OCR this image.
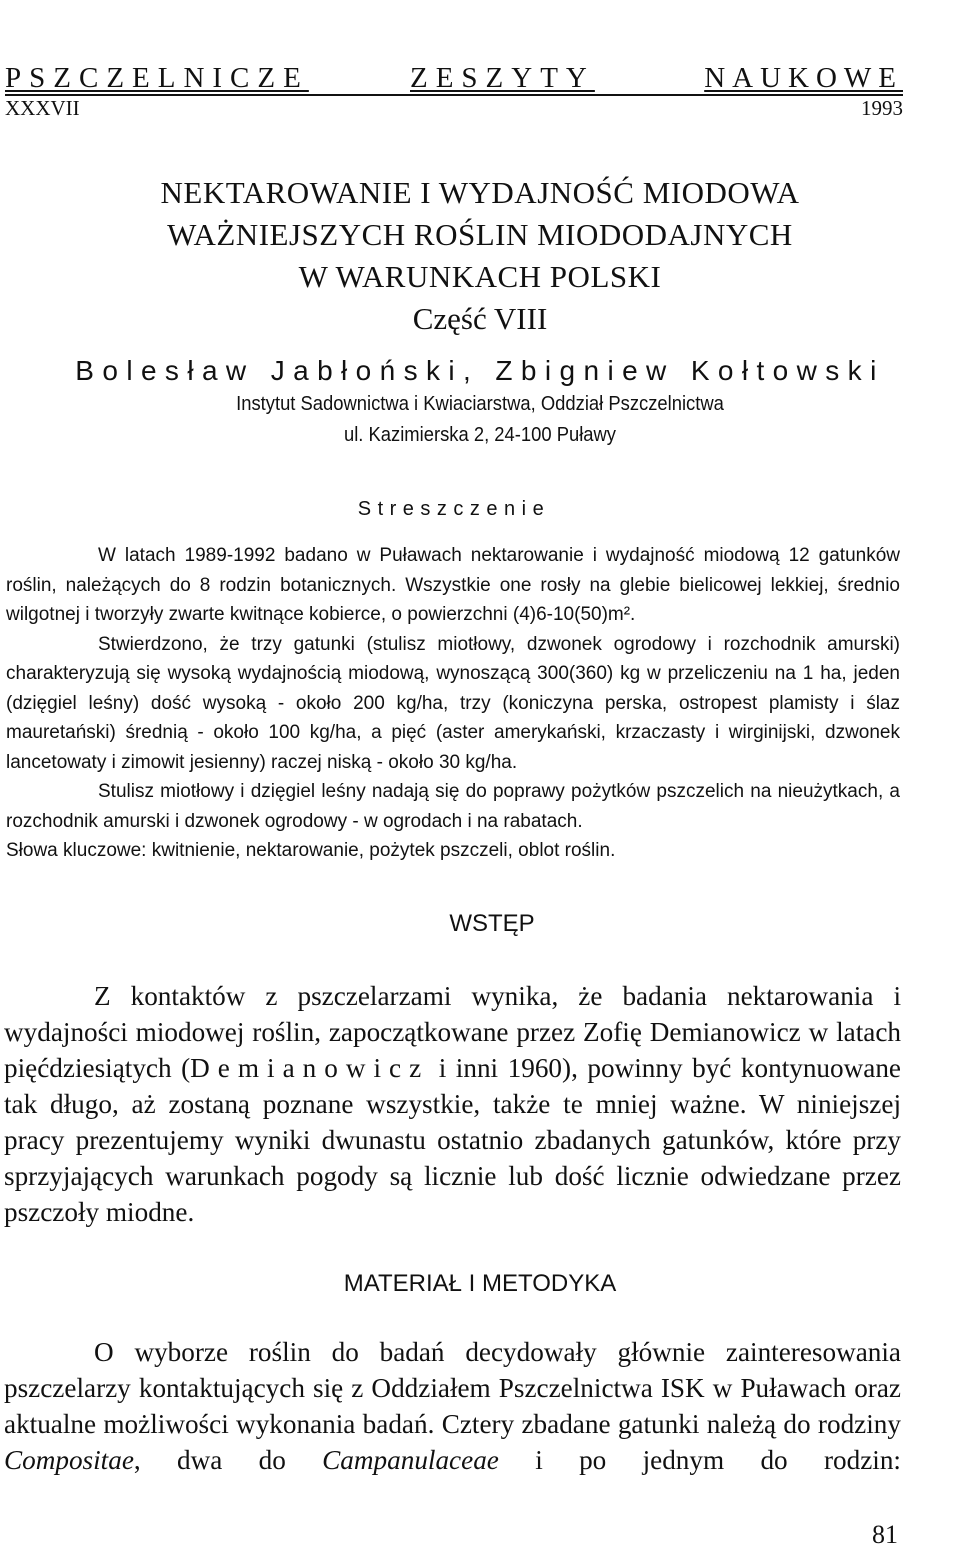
PSZCZELNICZE	ZESZYTY	NAUKOWE
XXXVII	1993
NEKTAROWANIE I WYDAJNOŚĆ MIODOWA
WAŻNIEJSZYCH ROŚLIN MIODODAJNYCH
W WARUNKACH POLSKI
Część VIII
Bolesław Jabłoński, Zbigniew Kołtowski
Instytut Sadownictwa i Kwiaciarstwa, Oddział Pszczelnictwa
ul. Kazimierska 2, 24-100 Puławy
Streszczenie

W latach 1989-1992 badano w Puławach nektarowanie i wydajność miodową 12 gatunków roślin, należących do 8 rodzin botanicznych. Wszystkie one rosły na glebie bielicowej lekkiej, średnio wilgotnej i tworzyły zwarte kwitnące kobierce, o powierzchni (4)6-10(50)m².

Stwierdzono, że trzy gatunki (stulisz miotłowy, dzwonek ogrodowy i rozchodnik amurski) charakteryzują się wysoką wydajnością miodową, wynoszącą 300(360) kg w przeliczeniu na 1 ha, jeden (dzięgiel leśny) dość wysoką - około 200 kg/ha, trzy (koniczyna perska, ostropest plamisty i ślaz mauretański) średnią - około 100 kg/ha, a pięć (aster amerykański, krzaczasty i wirginijski, dzwonek lancetowaty i zimowit jesienny) raczej niską - około 30 kg/ha.

Stulisz miotłowy i dzięgiel leśny nadają się do poprawy pożytków pszczelich na nieużytkach, a rozchodnik amurski i dzwonek ogrodowy - w ogrodach i na rabatach.

Słowa kluczowe: kwitnienie, nektarowanie, pożytek pszczeli, oblot roślin.

WSTĘP

Z kontaktów z pszczelarzami wynika, że badania nektarowania i wydajności miodowej roślin, zapoczątkowane przez Zofię Demianowicz w latach pięćdziesiątych (Demianowicz i inni 1960), powinny być kontynuowane tak długo, aż zostaną poznane wszystkie, także te mniej ważne. W niniejszej pracy prezentujemy wyniki dwunastu ostatnio zbadanych gatunków, które przy sprzyjających warunkach pogody są licznie lub dość licznie odwiedzane przez pszczoły miodne.

MATERIAŁ I METODYKA

O wyborze roślin do badań decydowały głównie zainteresowania pszczelarzy kontaktujących się z Oddziałem Pszczelnictwa ISK w Puławach oraz aktualne możliwości wykonania badań. Cztery zbadane gatunki należą do rodziny Compositae, dwa do Campanulaceae i po jednym do rodzin:

81
